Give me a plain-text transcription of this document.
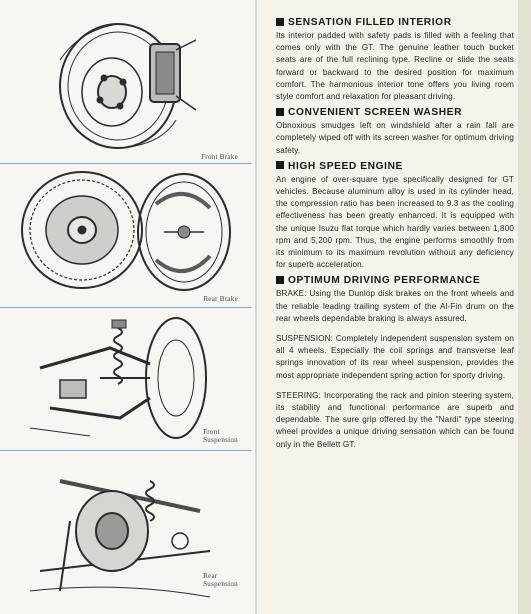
Front Brake
Rear Brake
Front
Suspension
Rear
Suspension
SENSATION FILLED INTERIOR

Its interior padded with safety pads is filled with a feeling that comes only with the GT. The genuine leather touch bucket seats are of the full reclining type. Recline or slide the seats forward or backward to the desired position for maximum comfort. The harmonious interior tone offers you living room style comfort and relaxation for pleasant driving.

CONVENIENT SCREEN WASHER

Obnoxious smudges left on windshield after a rain fall are completely wiped off with its screen washer for optimum driving safety.

HIGH SPEED ENGINE

An engine of over-square type specifically designed for GT vehicles. Because aluminum alloy is used in its cylinder head, the compression ratio has been increased to 9.3 as the cooling effectiveness has been greatly enhanced. It is equipped with the unique Isuzu flat torque which hardly varies between 1,800 rpm and 5,200 rpm. Thus, the engine performs smoothly from its minimum to its maximum revolution without any deficiency for superb acceleration.

OPTIMUM DRIVING PERFORMANCE

BRAKE: Using the Dunlop disk brakes on the front wheels and the reliable leading trailing system of the Al-Fin drum on the rear wheels dependable braking is always assured.

SUSPENSION: Completely independent suspension system on all 4 wheels. Especially the coil springs and transverse leaf springs innovation of its rear wheel suspension, provides the most appropriate independent spring action for sporty driving.

STEERING: Incorporating the rack and pinion steering system, its stability and functional performance are superb and dependable. The sure grip offered by the "Nardi" type steering wheel provides a unique driving sensation which can be found only in the Bellett GT.
